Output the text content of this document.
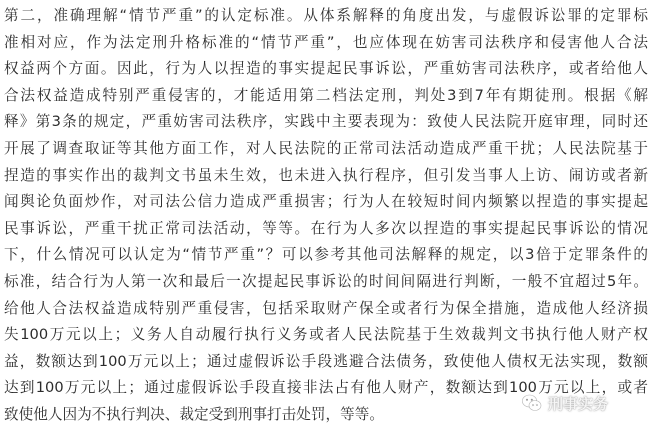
第二，准确理解“情节严重”的认定标准。从体系解释的角度出发，与虚假诉讼罪的定罪标
准相对应，作为法定刑升格标准的“情节严重”，也应体现在妨害司法秩序和侵害他人合法
权益两个方面。因此，行为人以捏造的事实提起民事诉讼，严重妨害司法秩序，或者给他人
合法权益造成特别严重侵害的，才能适用第二档法定刑，判处3到7年有期徒刑。根据《解
释》第3条的规定，严重妨害司法秩序，实践中主要表现为：致使人民法院开庭审理，同时还
开展了调查取证等其他方面工作，对人民法院的正常司法活动造成严重干扰；人民法院基于
捏造的事实作出的裁判文书虽未生效，也未进入执行程序，但引发当事人上访、闹访或者新
闻舆论负面炒作，对司法公信力造成严重损害；行为人在较短时间内频繁以捏造的事实提起
民事诉讼，严重干扰正常司法活动，等等。在行为人多次以捏造的事实提起民事诉讼的情况
下，什么情况可以认定为“情节严重”？可以参考其他司法解释的规定，以3倍于定罪条件的
标准，结合行为人第一次和最后一次提起民事诉讼的时间间隔进行判断，一般不宜超过5年。
给他人合法权益造成特别严重侵害，包括采取财产保全或者行为保全措施，造成他人经济损
失100万元以上；义务人自动履行执行义务或者人民法院基于生效裁判文书执行他人财产权
益，数额达到100万元以上；通过虚假诉讼手段逃避合法债务，致使他人债权无法实现，数额
达到100万元以上；通过虚假诉讼手段直接非法占有他人财产，数额达到100万元以上，或者
致使他人因为不执行判决、裁定受到刑事打击处罚，等等。
刑事实务
